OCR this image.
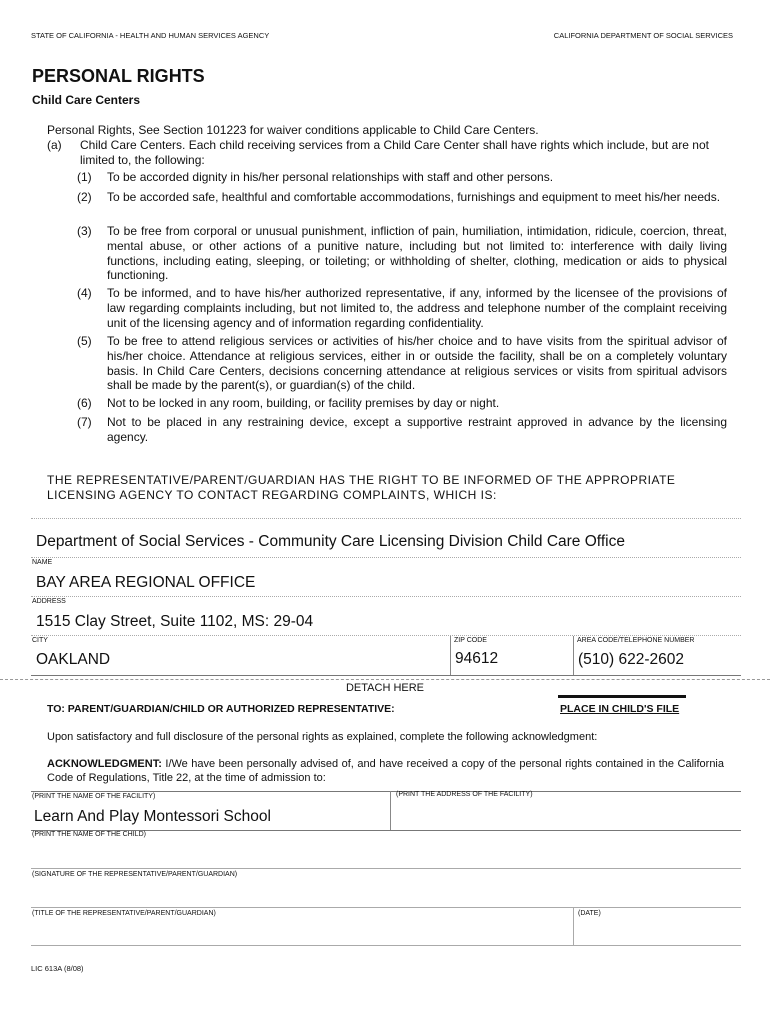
STATE OF CALIFORNIA - HEALTH AND HUMAN SERVICES AGENCY	CALIFORNIA DEPARTMENT OF SOCIAL SERVICES
PERSONAL RIGHTS
Child Care Centers
Personal Rights, See Section 101223 for waiver conditions applicable to Child Care Centers.
(a) Child Care Centers. Each child receiving services from a Child Care Center shall have rights which include, but are not limited to, the following:
(1) To be accorded dignity in his/her personal relationships with staff and other persons.
(2) To be accorded safe, healthful and comfortable accommodations, furnishings and equipment to meet his/her needs.
(3) To be free from corporal or unusual punishment, infliction of pain, humiliation, intimidation, ridicule, coercion, threat, mental abuse, or other actions of a punitive nature, including but not limited to: interference with daily living functions, including eating, sleeping, or toileting; or withholding of shelter, clothing, medication or aids to physical functioning.
(4) To be informed, and to have his/her authorized representative, if any, informed by the licensee of the provisions of law regarding complaints including, but not limited to, the address and telephone number of the complaint receiving unit of the licensing agency and of information regarding confidentiality.
(5) To be free to attend religious services or activities of his/her choice and to have visits from the spiritual advisor of his/her choice. Attendance at religious services, either in or outside the facility, shall be on a completely voluntary basis. In Child Care Centers, decisions concerning attendance at religious services or visits from spiritual advisors shall be made by the parent(s), or guardian(s) of the child.
(6) Not to be locked in any room, building, or facility premises by day or night.
(7) Not to be placed in any restraining device, except a supportive restraint approved in advance by the licensing agency.
THE REPRESENTATIVE/PARENT/GUARDIAN HAS THE RIGHT TO BE INFORMED OF THE APPROPRIATE LICENSING AGENCY TO CONTACT REGARDING COMPLAINTS, WHICH IS:
Department of Social Services - Community Care Licensing Division Child Care Office
NAME
BAY AREA REGIONAL OFFICE
ADDRESS
1515 Clay Street, Suite 1102, MS: 29-04
CITY	ZIP CODE	AREA CODE/TELEPHONE NUMBER
OAKLAND	94612	(510) 622-2602
DETACH HERE
TO: PARENT/GUARDIAN/CHILD OR AUTHORIZED REPRESENTATIVE:	PLACE IN CHILD'S FILE
Upon satisfactory and full disclosure of the personal rights as explained, complete the following acknowledgment:
ACKNOWLEDGMENT: I/We have been personally advised of, and have received a copy of the personal rights contained in the California Code of Regulations, Title 22, at the time of admission to:
(PRINT THE NAME OF THE FACILITY)	(PRINT THE ADDRESS OF THE FACILITY)
Learn And Play Montessori School
(PRINT THE NAME OF THE CHILD)
(SIGNATURE OF THE REPRESENTATIVE/PARENT/GUARDIAN)
(TITLE OF THE REPRESENTATIVE/PARENT/GUARDIAN)	(DATE)
LIC 613A (8/08)
